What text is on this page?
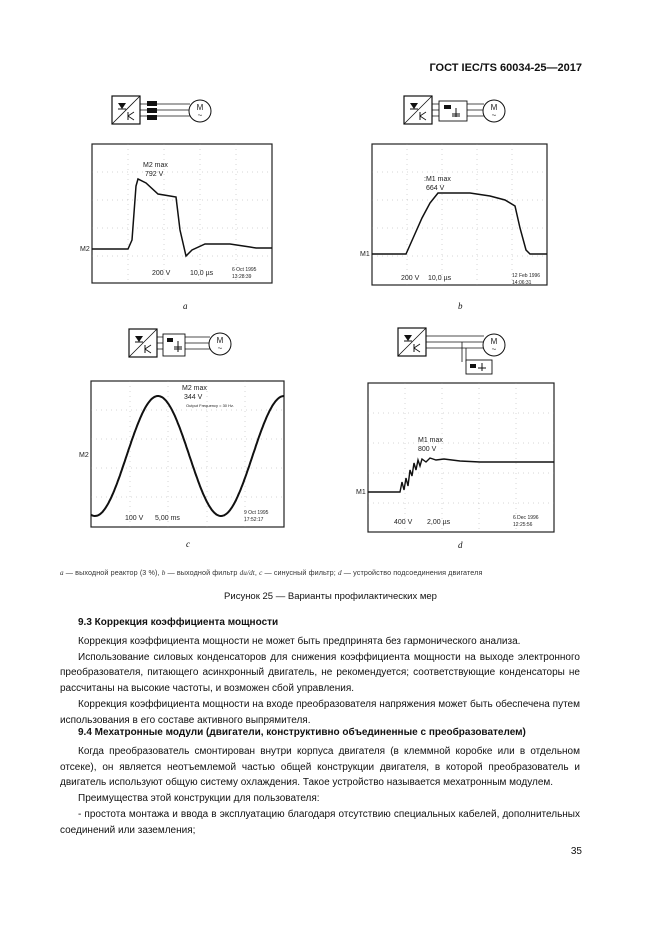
ГОСТ IEC/TS 60034-25—2017
M
~
M2
M2 max
792 V
200 V	10,0 µs	6 Oct 1995
13:28:39
M
~
M1
:M1 max
664 V
200 V 10,0 µs	12 Feb 1996
14:06:31
M
~
M2
M2 max
344 V
Output Frequency = 30 Hz.
100 V 5,00 ms
9 Oct 1995
17:52:17
M
~
M1
M1 max
800 V
400 V 2,00 µs
6 Dec 1996
12:25:56
a	b
c	d
a — выходной реактор (3 %), b — выходной фильтр du/dt, c — синусный фильтр; d — устройство подсоединения двигателя
Рисунок 25 — Варианты профилактических мер
9.3 Коррекция коэффициента мощности

Коррекция коэффициента мощности не может быть предпринята без гармонического анализа.

Использование силовых конденсаторов для снижения коэффициента мощности на выходе электронного преобразователя, питающего асинхронный двигатель, не рекомендуется; соответствующие конденсаторы не рассчитаны на высокие частоты, и возможен сбой управления.

Коррекция коэффициента мощности на входе преобразователя напряжения может быть обеспечена путем использования в его составе активного выпрямителя.

9.4 Мехатронные модули (двигатели, конструктивно объединенные с преобразователем)

Когда преобразователь смонтирован внутри корпуса двигателя (в клеммной коробке или в отдельном отсеке), он является неотъемлемой частью общей конструкции двигателя, в которой преобразователь и двигатель используют общую систему охлаждения. Такое устройство называется мехатронным модулем.

Преимущества этой конструкции для пользователя:

- простота монтажа и ввода в эксплуатацию благодаря отсутствию специальных кабелей, дополнительных соединений или заземления;

35
